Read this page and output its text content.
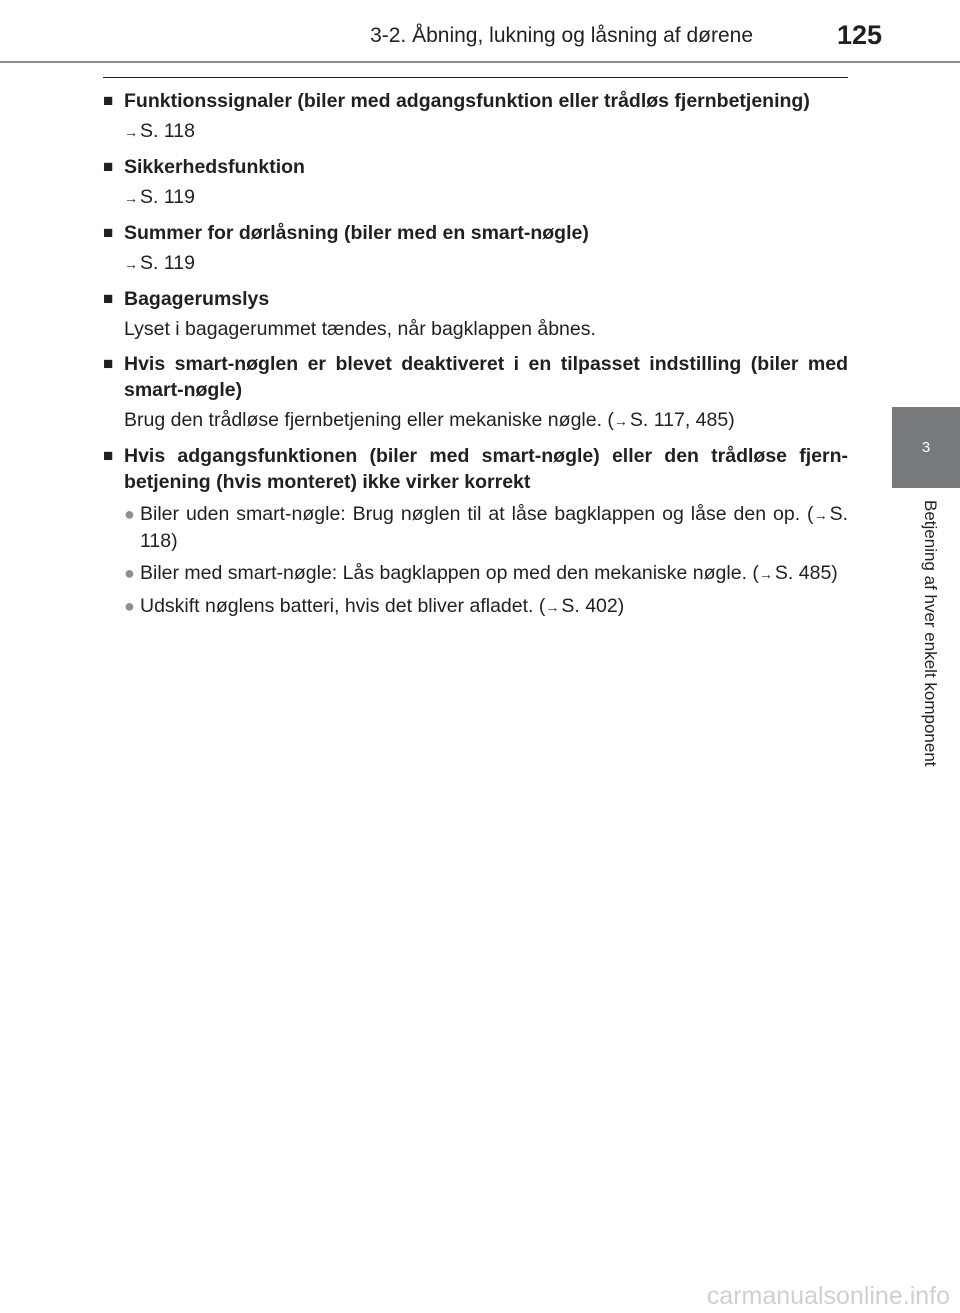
3-2. Åbning, lukning og låsning af dørene	125
3
Betjening af hver enkelt komponent
■ Funktionssignaler (biler med adgangsfunktion eller trådløs fjernbetjening)
→ S. 118
■ Sikkerhedsfunktion
→ S. 119
■ Summer for dørlåsning (biler med en smart-nøgle)
→ S. 119
■ Bagagerumslys
Lyset i bagagerummet tændes, når bagklappen åbnes.
■ Hvis smart-nøglen er blevet deaktiveret i en tilpasset indstilling (biler med smart-nøgle)
Brug den trådløse fjernbetjening eller mekaniske nøgle. (→ S. 117, 485)
■ Hvis adgangsfunktionen (biler med smart-nøgle) eller den trådløse fjern-betjening (hvis monteret) ikke virker korrekt
● Biler uden smart-nøgle: Brug nøglen til at låse bagklappen og låse den op. (→ S. 118)
● Biler med smart-nøgle: Lås bagklappen op med den mekaniske nøgle. (→ S. 485)
● Udskift nøglens batteri, hvis det bliver afladet. (→ S. 402)
carmanualsonline.info
